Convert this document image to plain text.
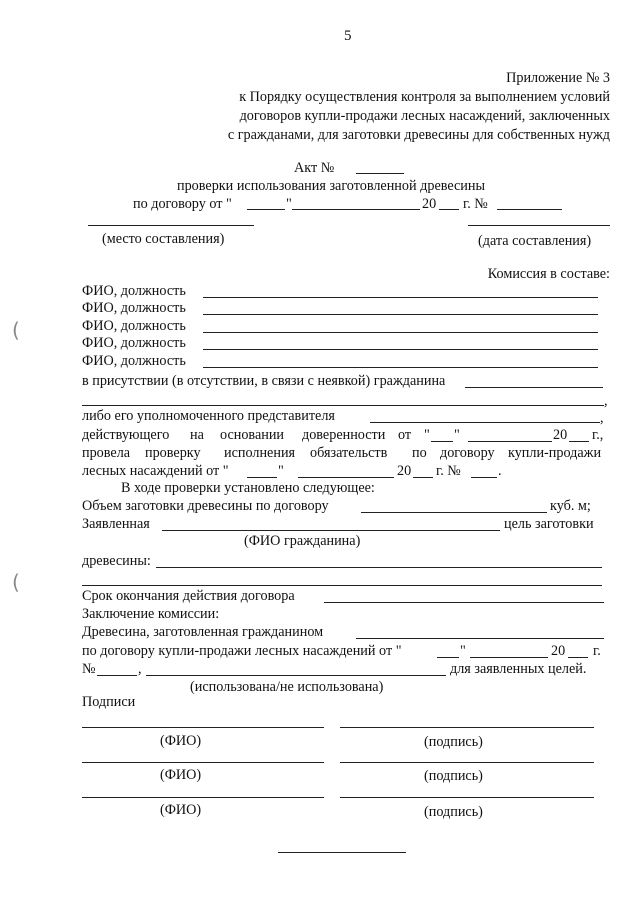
(
(
5
Приложение № 3
к Порядку осуществления контроля за выполнением условий
договоров купли-продажи лесных насаждений, заключенных
с гражданами, для заготовки древесины для собственных нужд
Акт №
проверки использования заготовленной древесины
по договору от "	"	20 г. №
(место составления)	(дата составления)
Комиссия в составе:
ФИО, должность
ФИО, должность
ФИО, должность
ФИО, должность
ФИО, должность
в присутствии (в отсутствии, в связи с неявкой) гражданина
,
либо его уполномоченного представителя	,
действующего на основании доверенности от " "	20 г.,
провела проверку исполнения обязательств по договору купли-продажи
лесных насаждений от "	"	20 г. №	.
В ходе проверки установлено следующее:
Объем заготовки древесины по договору	куб. м;
Заявленная	цель заготовки
(ФИО гражданина)
древесины:
Срок окончания действия договора
Заключение комиссии:
Древесина, заготовленная гражданином
по договору купли-продажи лесных насаждений от "	"	20 г.
№	,	для заявленных целей.
(использована/не использована)
Подписи
(ФИО)	(подпись)
(ФИО)	(подпись)
(ФИО)	(подпись)
